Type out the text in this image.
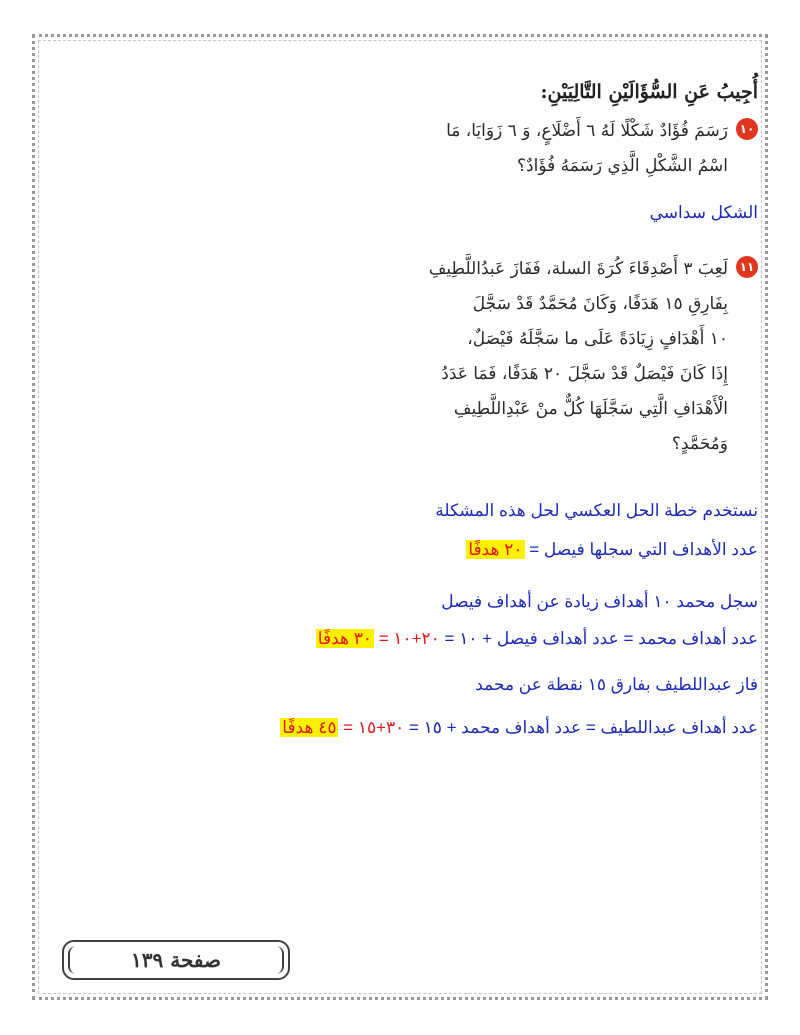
أُجِيبُ عَنِ السُّؤَالَيْنِ التَّالِيَيْنِ:
١٠
رَسَمَ فُؤَادٌ شَكْلًا لَهُ ٦ أَضْلَاعٍ، وَ ٦ زَوَايَا، مَا
اسْمُ الشَّكْلِ الَّذِي رَسَمَهُ فُؤَادٌ؟
الشكل سداسي
١١
لَعِبَ ٣ أَصْدِقَاءَ كُرَةَ السلة، فَفَازَ عَبدُاللَّطِيفِ
بِفَارِقِ ١٥ هَدَفًا، وَكَانَ مُحَمَّدٌ قَدْ سَجَّلَ
١٠ أَهْدَافٍ زِيَادَةً عَلَى ما سَجَّلَهُ فَيْصَلٌ،
إِذَا كَانَ فَيْصَلٌ قَدْ سَجَّلَ ٢٠ هَدَفًا، فَمَا عَدَدُ
الْأَهْدَافِ الَّتِي سَجَّلَهَا كُلٌّ منْ عَبْدِاللَّطِيفِ
وَمُحَمَّدٍ؟
نستخدم خطة الحل العكسي لحل هذه المشكلة
عدد الأهداف التي سجلها فيصل = ٢٠ هدفًا
سجل محمد ١٠ أهداف زيادة عن أهداف فيصل
عدد أهداف محمد = عدد أهداف فيصل + ١٠ = ٢٠+١٠ = ٣٠ هدفًا
فاز عبداللطيف بفارق ١٥ نقطة عن محمد
عدد أهداف عبداللطيف = عدد أهداف محمد + ١٥ = ٣٠+١٥ = ٤٥ هدفًا
صفحة ١٣٩
